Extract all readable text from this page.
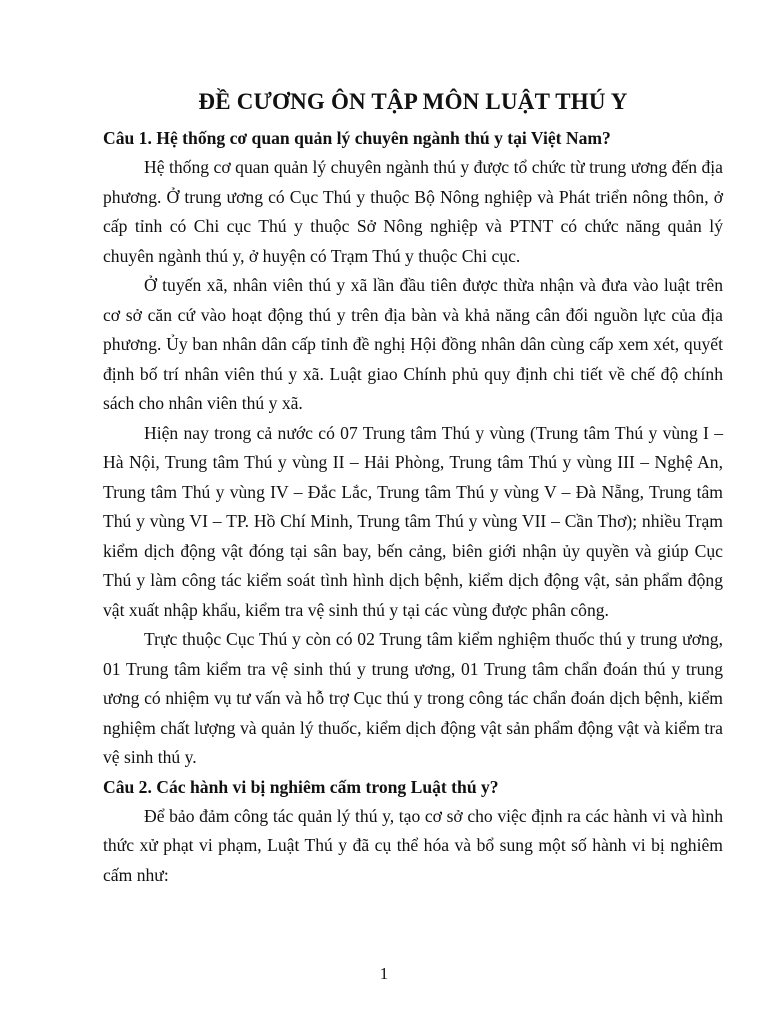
ĐỀ CƯƠNG ÔN TẬP MÔN LUẬT THÚ Y

Câu 1. Hệ thống cơ quan quản lý chuyên ngành thú y tại Việt Nam?

Hệ thống cơ quan quản lý chuyên ngành thú y được tổ chức từ trung ương đến địa phương. Ở trung ương có Cục Thú y thuộc Bộ Nông nghiệp và Phát triển nông thôn, ở cấp tỉnh có Chi cục Thú y thuộc Sở Nông nghiệp và PTNT có chức năng quản lý chuyên ngành thú y, ở huyện có Trạm Thú y thuộc Chi cục.

Ở tuyến xã, nhân viên thú y xã lần đầu tiên được thừa nhận và đưa vào luật trên cơ sở căn cứ vào hoạt động thú y trên địa bàn và khả năng cân đối nguồn lực của địa phương. Ủy ban nhân dân cấp tỉnh đề nghị Hội đồng nhân dân cùng cấp xem xét, quyết định bố trí nhân viên thú y xã. Luật giao Chính phủ quy định chi tiết về chế độ chính sách cho nhân viên thú y xã.

Hiện nay trong cả nước có 07 Trung tâm Thú y vùng (Trung tâm Thú y vùng I – Hà Nội, Trung tâm Thú y vùng II – Hải Phòng, Trung tâm Thú y vùng III – Nghệ An, Trung tâm Thú y vùng IV – Đắc Lắc, Trung tâm Thú y vùng V – Đà Nẵng, Trung tâm Thú y vùng VI – TP. Hồ Chí Minh, Trung tâm Thú y vùng VII – Cần Thơ); nhiều Trạm kiểm dịch động vật đóng tại sân bay, bến cảng, biên giới nhận ủy quyền và giúp Cục Thú y làm công tác kiểm soát tình hình dịch bệnh, kiểm dịch động vật, sản phẩm động vật xuất nhập khẩu, kiểm tra vệ sinh thú y tại các vùng được phân công.

Trực thuộc Cục Thú y còn có 02 Trung tâm kiểm nghiệm thuốc thú y trung ương, 01 Trung tâm kiểm tra vệ sinh thú y trung ương, 01 Trung tâm chẩn đoán thú y trung ương có nhiệm vụ tư vấn và hỗ trợ Cục thú y trong công tác chẩn đoán dịch bệnh, kiểm nghiệm chất lượng và quản lý thuốc, kiểm dịch động vật sản phẩm động vật và kiểm tra vệ sinh thú y.

Câu 2. Các hành vi bị nghiêm cấm trong Luật thú y?

Để bảo đảm công tác quản lý thú y, tạo cơ sở cho việc định ra các hành vi và hình thức xử phạt vi phạm, Luật Thú y đã cụ thể hóa và bổ sung một số hành vi bị nghiêm cấm như:

1
